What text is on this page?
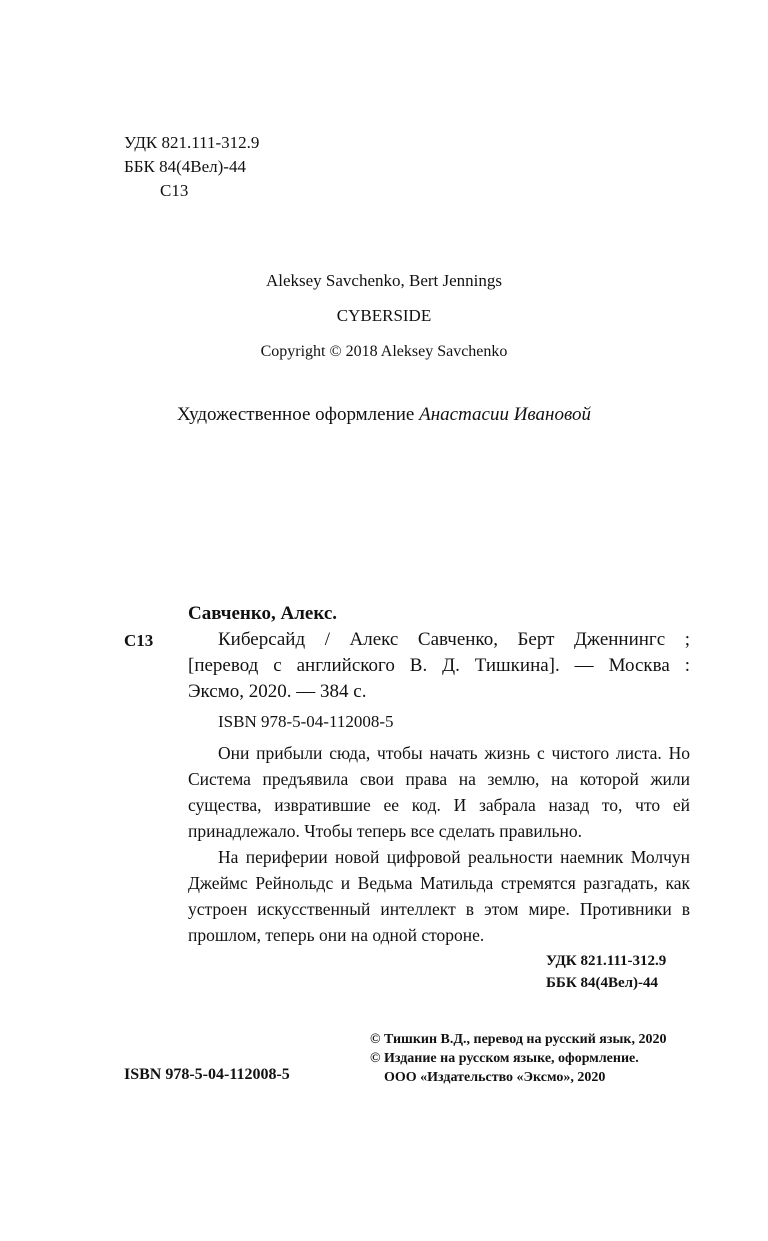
УДК 821.111-312.9
ББК 84(4Вел)-44
С13
Aleksey Savchenko, Bert Jennings
CYBERSIDE
Copyright © 2018 Aleksey Savchenko
Художественное оформление Анастасии Ивановой
Савченко, Алекс.
С13	Киберсайд / Алекс Савченко, Берт Дженнингс ;
[перевод с английского В. Д. Тишкина]. — Москва :
Эксмо, 2020. — 384 с.
ISBN 978-5-04-112008-5
Они прибыли сюда, чтобы начать жизнь с чистого листа. Но Система предъявила свои права на землю, на которой жили существа, извратившие ее код. И забрала назад то, что ей принадлежало. Чтобы теперь все сделать правильно.
На периферии новой цифровой реальности наемник Молчун Джеймс Рейнольдс и Ведьма Матильда стремятся разгадать, как устроен искусственный интеллект в этом мире. Противники в прошлом, теперь они на одной стороне.
УДК 821.111-312.9
ББК 84(4Вел)-44
© Тишкин В.Д., перевод на русский язык, 2020
© Издание на русском языке, оформление.
ООО «Издательство «Эксмо», 2020
ISBN 978-5-04-112008-5
